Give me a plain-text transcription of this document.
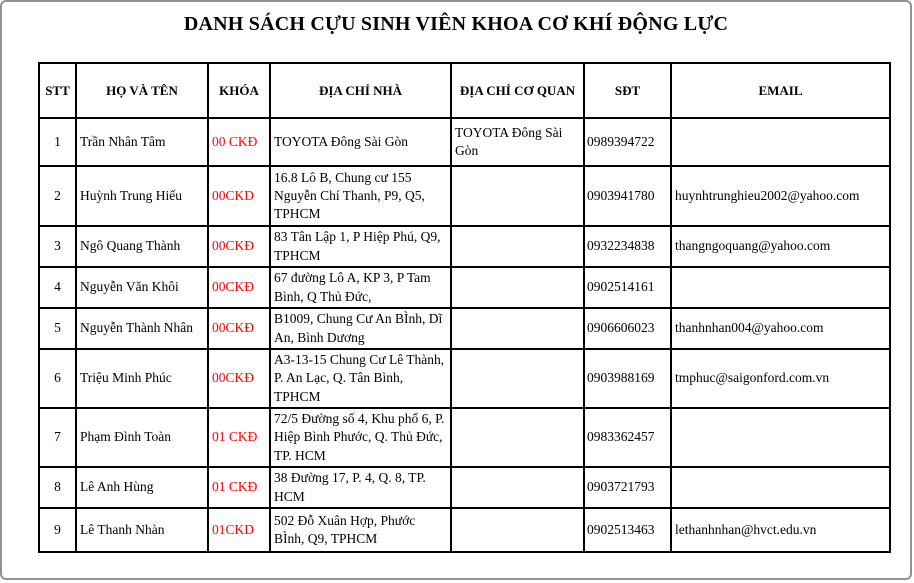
DANH SÁCH CỰU SINH VIÊN KHOA CƠ KHÍ ĐỘNG LỰC
STT	HỌ VÀ TÊN	KHÓA	ĐỊA CHỈ NHÀ	ĐỊA CHỈ CƠ QUAN	SĐT	EMAIL
1	Trần Nhân Tâm	00 CKĐ	TOYOTA Đông Sài Gòn	TOYOTA Đông Sài Gòn	0989394722	
2	Huỳnh Trung Hiếu	00CKD	16.8 Lô B, Chung cư 155 Nguyễn Chí Thanh, P9, Q5, TPHCM		0903941780	huynhtrunghieu2002@yahoo.com
3	Ngô Quang Thành	00CKĐ	83 Tân Lập 1, P Hiệp Phú, Q9, TPHCM		0932234838	thangngoquang@yahoo.com
4	Nguyễn Văn Khôi	00CKĐ	67 đường Lô A, KP 3, P Tam Bình, Q Thủ Đức,		0902514161	
5	Nguyễn Thành Nhân	00CKĐ	B1009, Chung Cư An BÌnh, Dĩ An, Bình Dương		0906606023	thanhnhan004@yahoo.com
6	Triệu Minh Phúc	00CKĐ	A3-13-15 Chung Cư Lê Thành, P. An Lạc, Q. Tân Bình, TPHCM		0903988169	tmphuc@saigonford.com.vn
7	Phạm Đình Toàn	01 CKĐ	72/5 Đường số 4, Khu phố 6, P. Hiệp Bình Phước, Q. Thủ Đức, TP. HCM		0983362457	
8	Lê Anh Hùng	01 CKĐ	38 Đường 17, P. 4, Q. 8, TP. HCM		0903721793	
9	Lê Thanh Nhàn	01CKD	502 Đỗ Xuân Hợp, Phước BÌnh, Q9, TPHCM		0902513463	lethanhnhan@hvct.edu.vn
